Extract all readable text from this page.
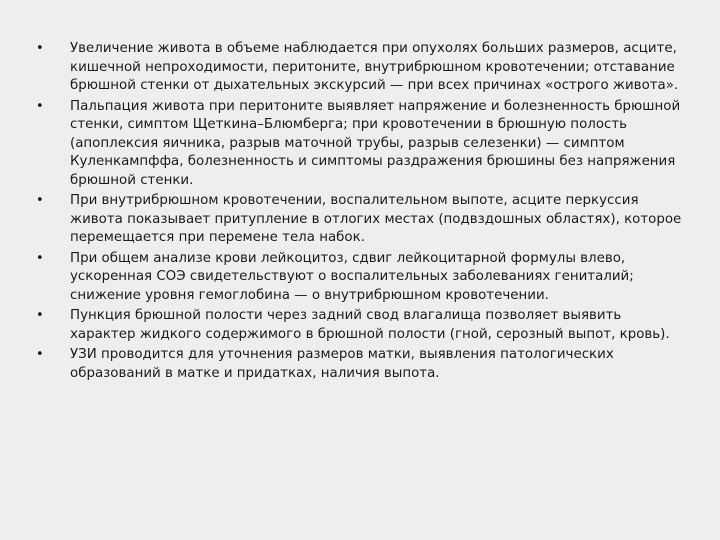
• Увеличение живота в объеме наблюдается при опухолях больших размеров, асците, кишечной непроходимости, перитоните, внутрибрюшном кровотечении; отставание брюшной стенки от дыхательных экскурсий — при всех причинах «острого живота».
• Пальпация живота при перитоните выявляет напряжение и болезненность брюшной стенки, симптом Щеткина–Блюмберга; при кровотечении в брюшную полость (апоплексия яичника, разрыв маточной трубы, разрыв селезенки) — симптом Куленкампффа, болезненность и симптомы раздражения брюшины без напряжения брюшной стенки.
• При внутрибрюшном кровотечении, воспалительном выпоте, асците перкуссия живота показывает притупление в отлогих местах (подвздошных областях), которое перемещается при перемене тела набок.
• При общем анализе крови лейкоцитоз, сдвиг лейкоцитарной формулы влево, ускоренная СОЭ свидетельствуют о воспалительных заболеваниях гениталий; снижение уровня гемоглобина — о внутрибрюшном кровотечении.
• Пункция брюшной полости через задний свод влагалища позволяет выявить характер жидкого содержимого в брюшной полости (гной, серозный выпот, кровь).
• УЗИ проводится для уточнения размеров матки, выявления патологических образований в матке и придатках, наличия выпота.
